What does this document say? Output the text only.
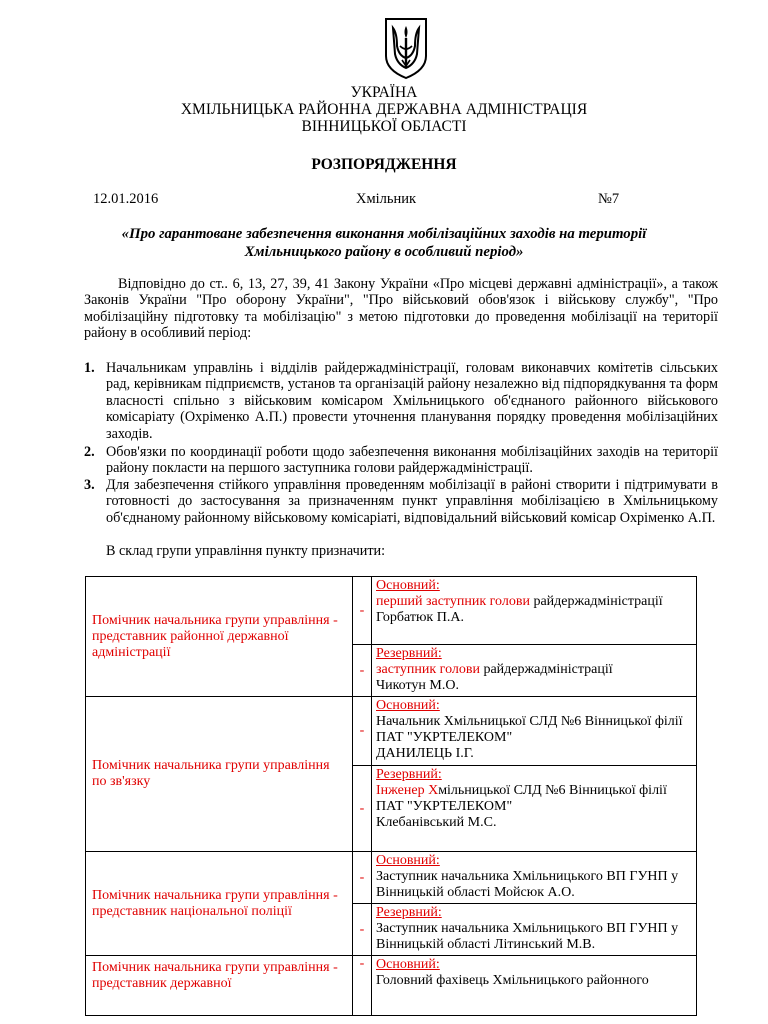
УКРАЇНА
ХМІЛЬНИЦЬКА РАЙОННА ДЕРЖАВНА АДМІНІСТРАЦІЯ
ВІННИЦЬКОЇ ОБЛАСТІ
РОЗПОРЯДЖЕННЯ
12.01.2016	Хмільник	№7
«Про гарантоване забезпечення виконання мобілізаційних заходів на території
Хмільницького району в особливий період»
Відповідно до ст.. 6, 13, 27, 39, 41 Закону України «Про місцеві державні адміністрації», а також Законів України "Про оборону України", "Про військовий обов'язок і військову службу", "Про мобілізаційну підготовку та мобілізацію" з метою підготовки до проведення мобілізації на території району в особливий період:
1. Начальникам управлінь і відділів райдержадміністрації, головам виконавчих комітетів сільських рад, керівникам підприємств, установ та організацій району незалежно від підпорядкування та форм власності спільно з військовим комісаром Хмільницького об'єднаного районного військового комісаріату (Охріменко А.П.) провести уточнення планування порядку проведення мобілізаційних заходів.
2. Обов'язки по координації роботи щодо забезпечення виконання мобілізаційних заходів на території району покласти на першого заступника голови райдержадміністрації.
3. Для забезпечення стійкого управління проведенням мобілізації в районі створити і підтримувати в готовності до застосування за призначенням пункт управління мобілізацією в Хмільницькому об'єднаному районному військовому комісаріаті, відповідальний військовий комісар Охріменко А.П.
В склад групи управління пункту призначити:
Помічник начальника групи управління - представник районної державної адміністрації	-	Основний:
перший заступник голови райдержадміністрації
Горбатюк П.А.

	-	Резервний:
заступник голови райдержадміністрації
Чикотун М.О.

Помічник начальника групи управління по зв'язку	-	Основний:
Начальник Хмільницької СЛД №6 Вінницької філії ПАТ "УКРТЕЛЕКОМ"
ДАНИЛЕЦЬ І.Г.

	-	Резервний:
Інженер Хмільницької СЛД №6 Вінницької філії ПАТ "УКРТЕЛЕКОМ"
Клебанівський М.С.

Помічник начальника групи управління - представник національної поліції	-	Основний:
Заступник начальника Хмільницького ВП ГУНП у Вінницькій області Мойсюк А.О.

	-	Резервний:
Заступник начальника Хмільницького ВП ГУНП у Вінницькій області Літинський М.В.

Помічник начальника групи управління - представник державної	-	Основний:
Головний фахівець Хмільницького районного
